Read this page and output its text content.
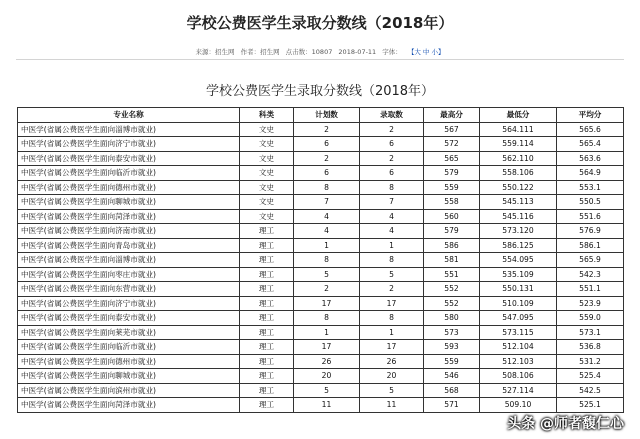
学校公费医学生录取分数线（2018年）
来源：招生网 作者：招生网 点击数：10807 2018-07-11 字体： 【大 中 小】
学校公费医学生录取分数线（2018年）
专业名称	科类	计划数	录取数	最高分	最低分	平均分
中医学(省属公费医学生面向淄博市就业)	文史	2	2	567	564.111	565.6
中医学(省属公费医学生面向济宁市就业)	文史	6	6	572	559.114	565.4
中医学(省属公费医学生面向泰安市就业)	文史	2	2	565	562.110	563.6
中医学(省属公费医学生面向临沂市就业)	文史	6	6	579	558.106	564.9
中医学(省属公费医学生面向德州市就业)	文史	8	8	559	550.122	553.1
中医学(省属公费医学生面向聊城市就业)	文史	7	7	558	545.113	550.5
中医学(省属公费医学生面向菏泽市就业)	文史	4	4	560	545.116	551.6
中医学(省属公费医学生面向济南市就业)	理工	4	4	579	573.120	576.9
中医学(省属公费医学生面向青岛市就业)	理工	1	1	586	586.125	586.1
中医学(省属公费医学生面向淄博市就业)	理工	8	8	581	554.095	565.9
中医学(省属公费医学生面向枣庄市就业)	理工	5	5	551	535.109	542.3
中医学(省属公费医学生面向东营市就业)	理工	2	2	552	550.131	551.1
中医学(省属公费医学生面向济宁市就业)	理工	17	17	552	510.109	523.9
中医学(省属公费医学生面向泰安市就业)	理工	8	8	580	547.095	559.0
中医学(省属公费医学生面向莱芜市就业)	理工	1	1	573	573.115	573.1
中医学(省属公费医学生面向临沂市就业)	理工	17	17	593	512.104	536.8
中医学(省属公费医学生面向德州市就业)	理工	26	26	559	512.103	531.2
中医学(省属公费医学生面向聊城市就业)	理工	20	20	546	508.106	525.4
中医学(省属公费医学生面向滨州市就业)	理工	5	5	568	527.114	542.5
中医学(省属公费医学生面向菏泽市就业)	理工	11	11	571	509.10	525.1
头条 @师者馥仁心
